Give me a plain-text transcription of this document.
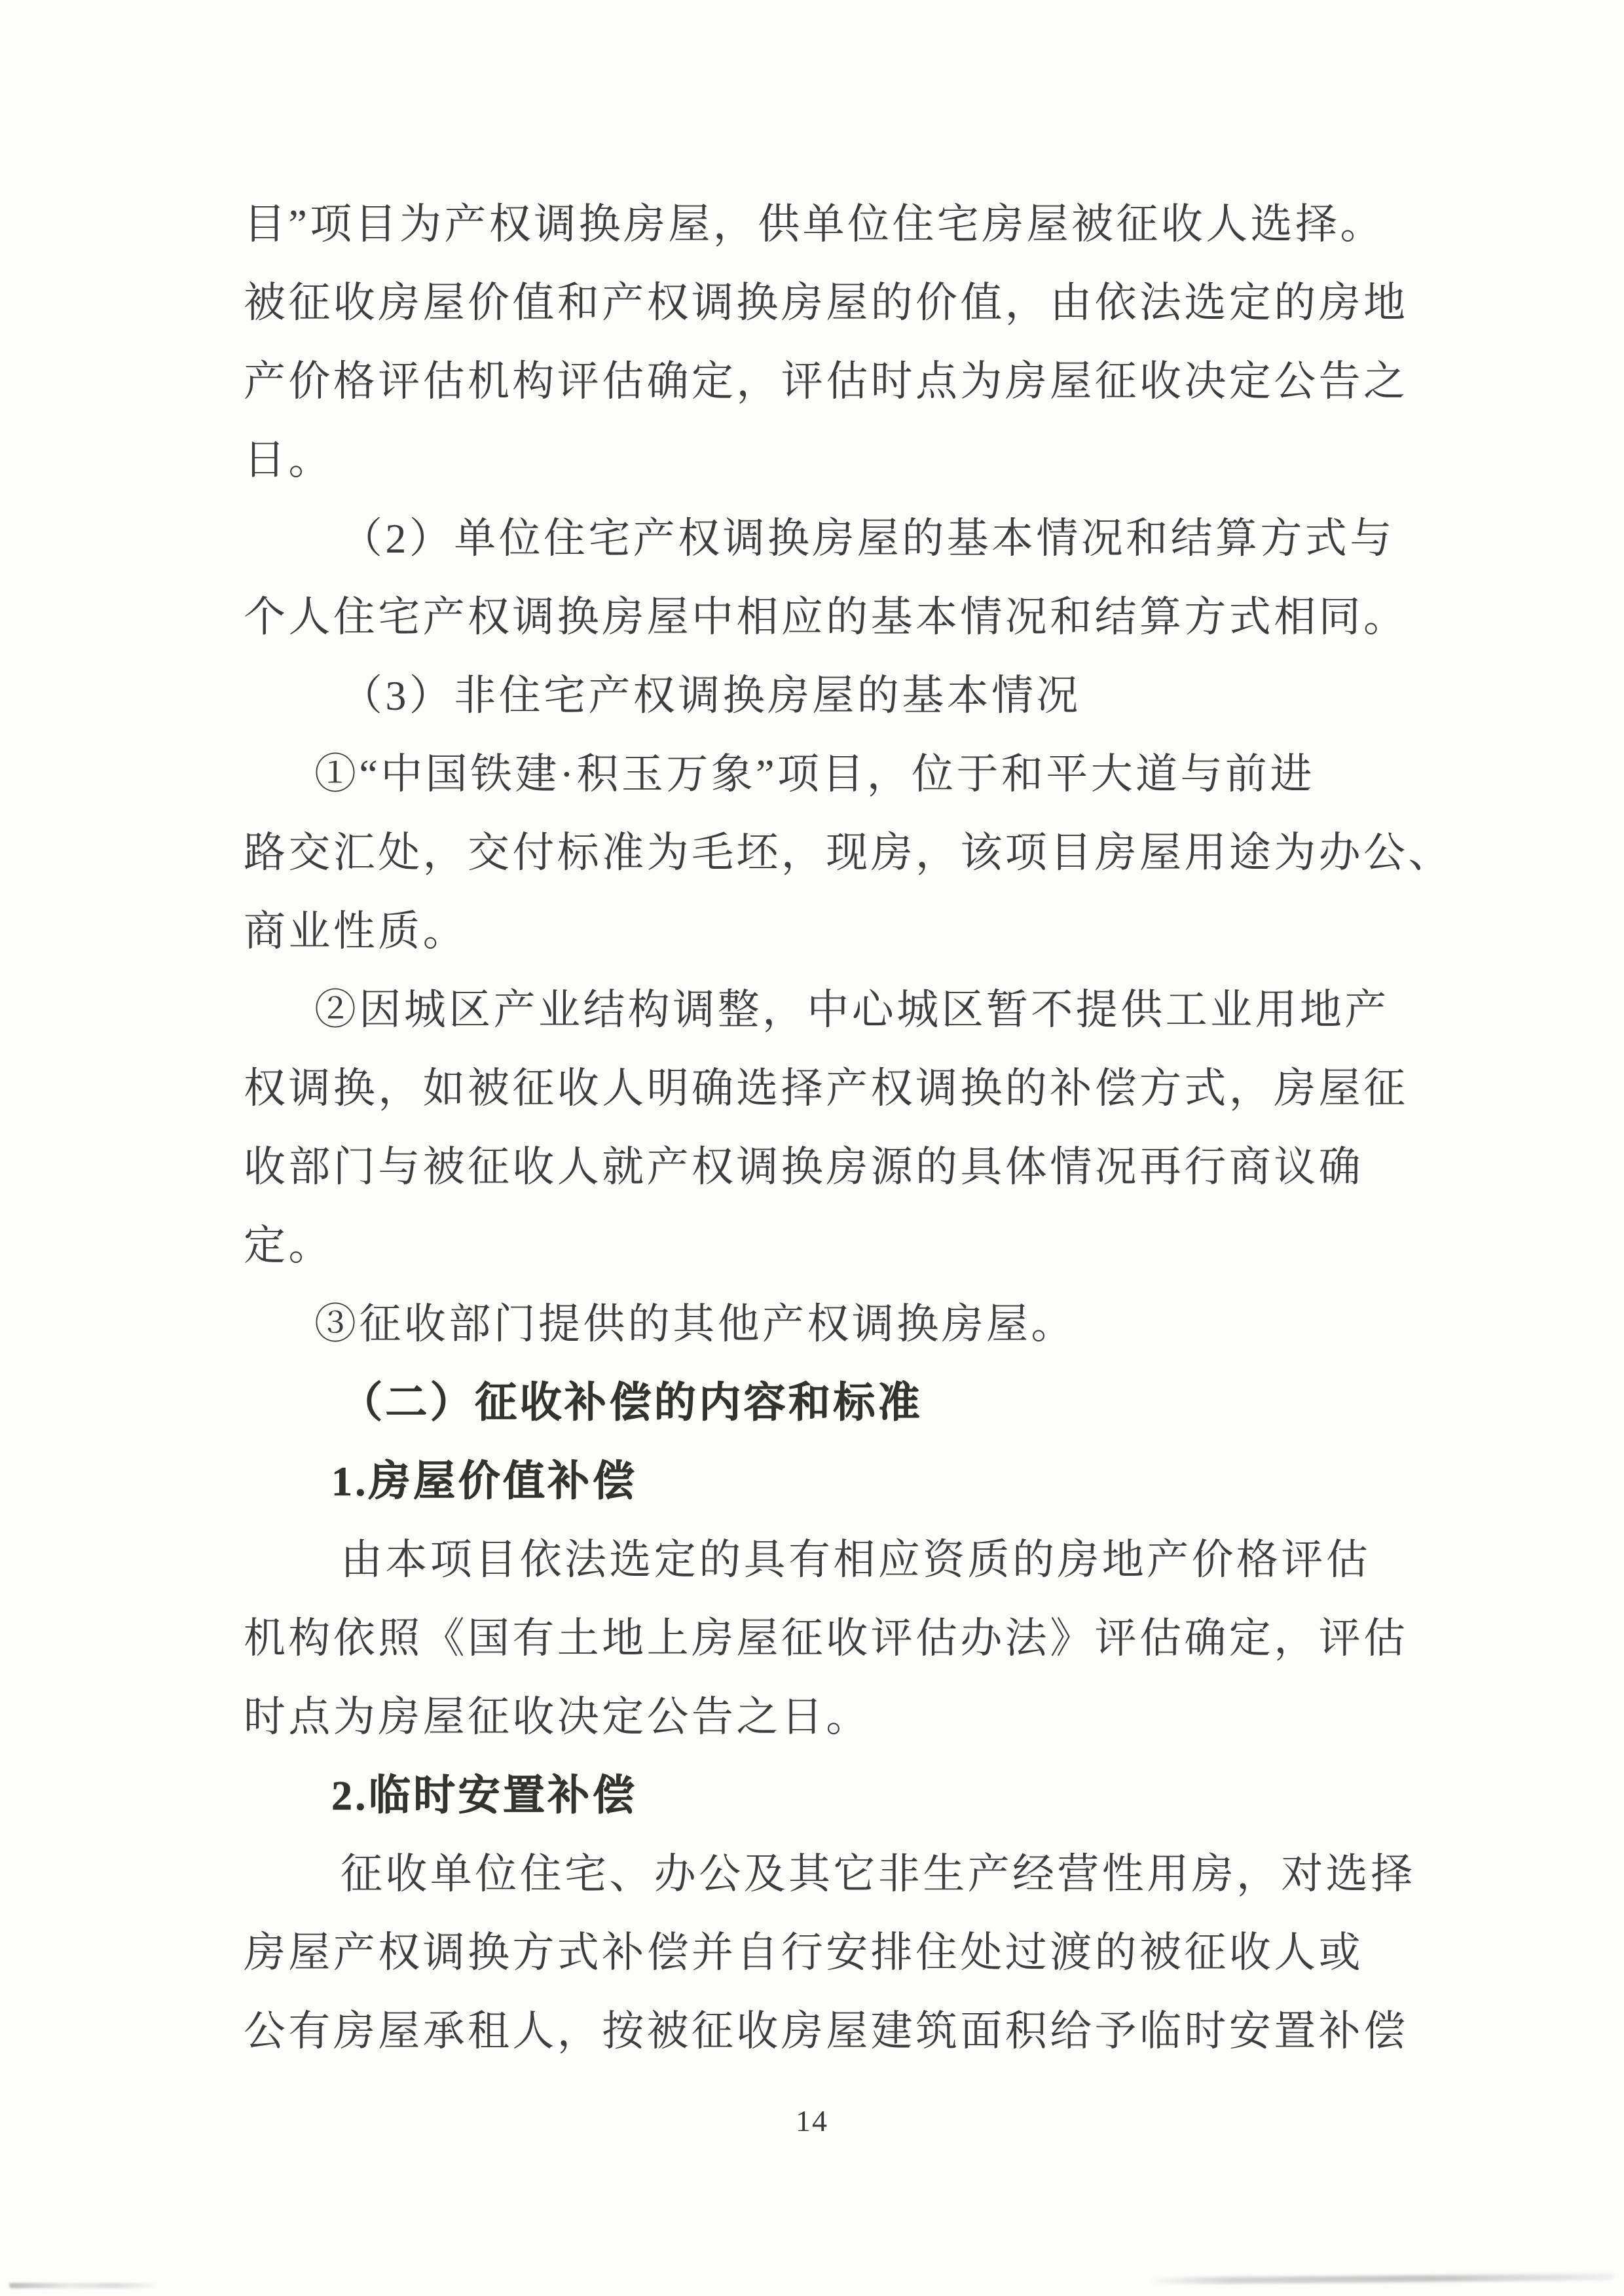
目”项目为产权调换房屋，供单位住宅房屋被征收人选择。

被征收房屋价值和产权调换房屋的价值，由依法选定的房地

产价格评估机构评估确定，评估时点为房屋征收决定公告之

日。

（2）单位住宅产权调换房屋的基本情况和结算方式与

个人住宅产权调换房屋中相应的基本情况和结算方式相同。

（3）非住宅产权调换房屋的基本情况

①“中国铁建·积玉万象”项目，位于和平大道与前进

路交汇处，交付标准为毛坯，现房，该项目房屋用途为办公、

商业性质。

②因城区产业结构调整，中心城区暂不提供工业用地产

权调换，如被征收人明确选择产权调换的补偿方式，房屋征

收部门与被征收人就产权调换房源的具体情况再行商议确

定。

③征收部门提供的其他产权调换房屋。

（二）征收补偿的内容和标准

1.房屋价值补偿

由本项目依法选定的具有相应资质的房地产价格评估

机构依照《国有土地上房屋征收评估办法》评估确定，评估

时点为房屋征收决定公告之日。

2.临时安置补偿

征收单位住宅、办公及其它非生产经营性用房，对选择

房屋产权调换方式补偿并自行安排住处过渡的被征收人或

公有房屋承租人，按被征收房屋建筑面积给予临时安置补偿

14
